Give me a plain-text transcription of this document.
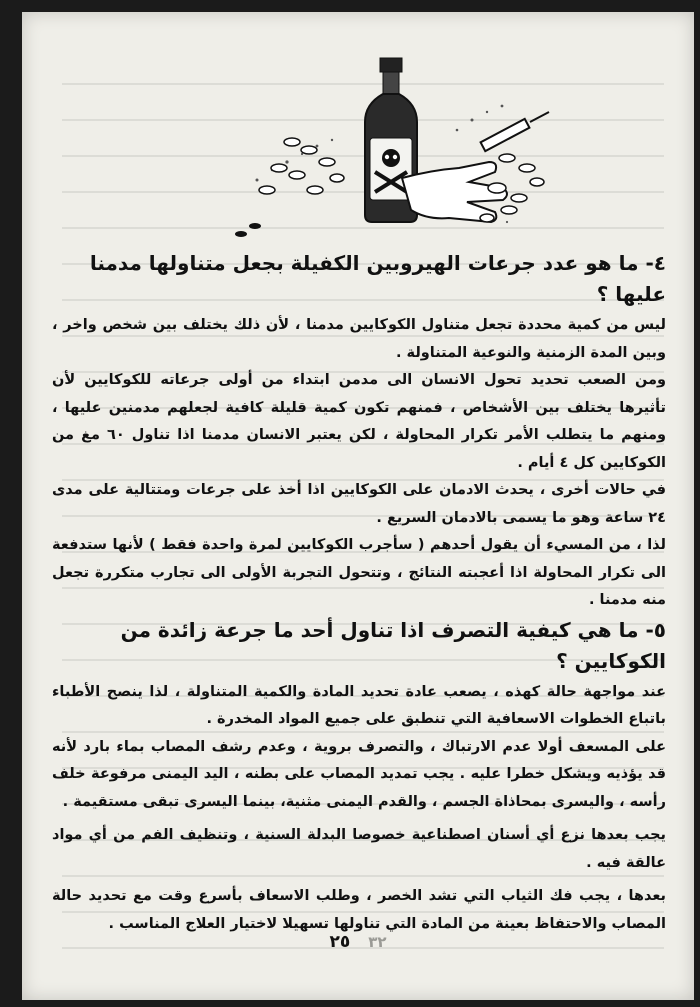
٤- ما هو عدد جرعات الهيروبين الكفيلة بجعل متناولها مدمنا عليها ؟

ليس من كمية محددة تجعل متناول الكوكايين مدمنا ، لأن ذلك يختلف بين شخص واخر ، وبين المدة الزمنية والنوعية المتناولة .

ومن الصعب تحديد تحول الانسان الى مدمن ابتداء من أولى جرعاته للكوكايين لأن تأثيرها يختلف بين الأشخاص ، فمنهم تكون كمية قليلة كافية لجعلهم مدمنين عليها ، ومنهم ما يتطلب الأمر تكرار المحاولة ، لكن يعتبر الانسان مدمنا اذا تناول ٦٠ مغ من الكوكايين كل ٤ أيام .

في حالات أخرى ، يحدث الادمان على الكوكايين اذا أخذ على جرعات ومتتالية على مدى ٢٤ ساعة وهو ما يسمى بالادمان السريع .

لذا ، من المسيء أن يقول أحدهم ( سأجرب الكوكايين لمرة واحدة فقط ) لأنها ستدفعة الى تكرار المحاولة اذا أعجبته النتائج ، وتتحول التجربة الأولى الى تجارب متكررة تجعل منه مدمنا .

٥- ما هي كيفية التصرف اذا تناول أحد ما جرعة زائدة من الكوكايين ؟

عند مواجهة حالة كهذه ، يصعب عادة تحديد المادة والكمية المتناولة ، لذا ينصح الأطباء باتباع الخطوات الاسعافية التي تنطبق على جميع المواد المخدرة .

على المسعف أولا عدم الارتباك ، والتصرف بروية ، وعدم رشف المصاب بماء بارد لأنه قد يؤذيه ويشكل خطرا عليه . يجب تمديد المصاب على بطنه ، اليد اليمنى مرفوعة خلف رأسه ، واليسرى بمحاذاة الجسم ، والقدم اليمنى مثنية، بينما اليسرى تبقى مستقيمة .

يجب بعدها نزع أي أسنان اصطناعية خصوصا البدلة السنية ، وتنظيف الفم من أي مواد عالقة فيه .

بعدها ، يجب فك الثياب التي تشد الخصر ، وطلب الاسعاف بأسرع وقت مع تحديد حالة المصاب والاحتفاظ بعينة من المادة التي تناولها تسهيلا لاختيار العلاج المناسب .

٢٥ ٣٢
